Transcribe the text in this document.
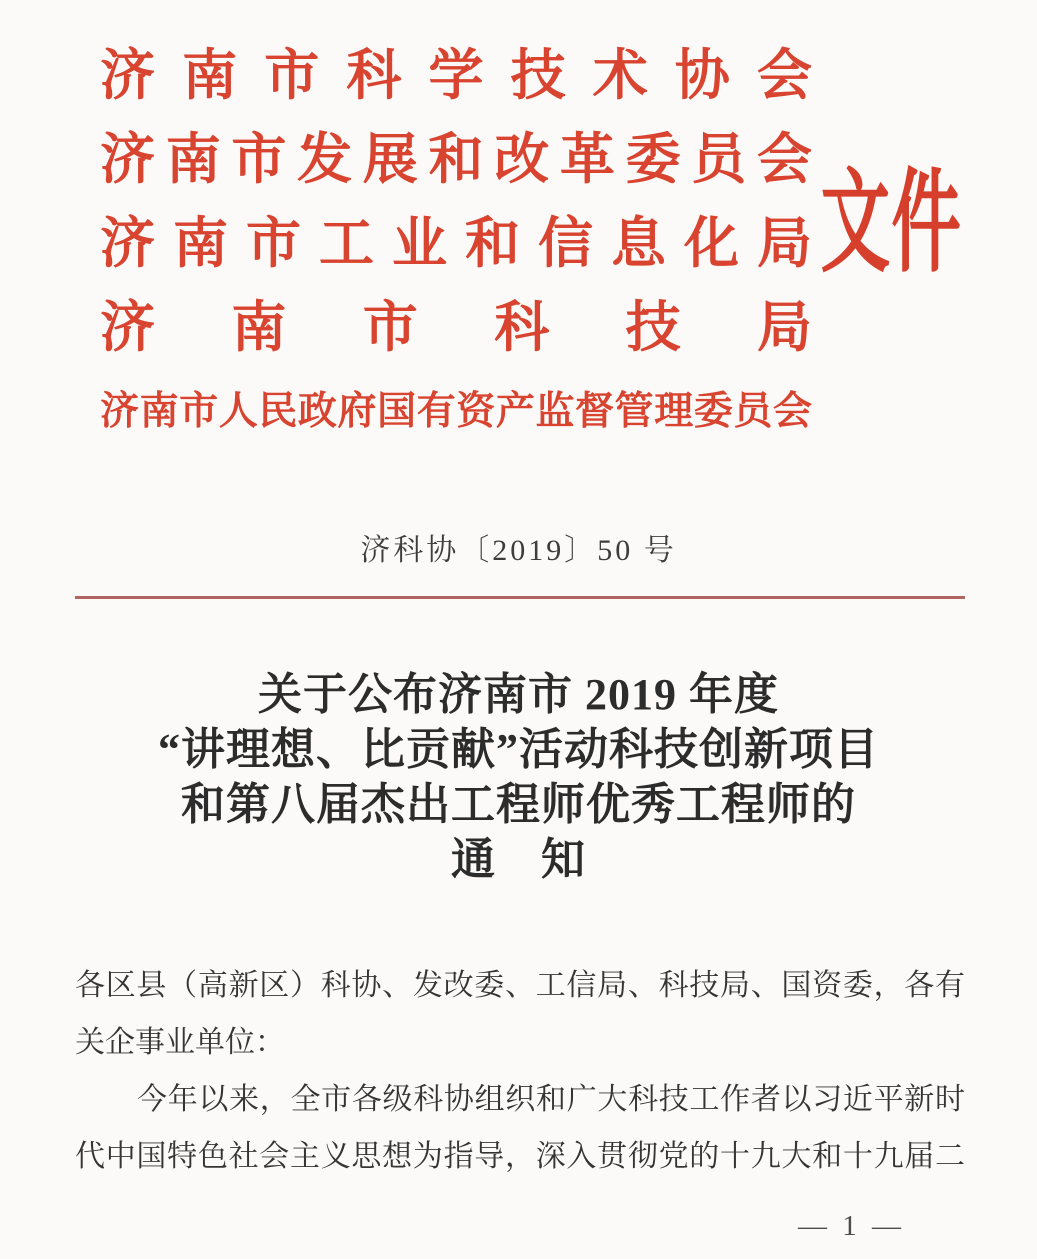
济南市科学技术协会
济南市发展和改革委员会
济南市工业和信息化局
济南市科技局
济南市人民政府国有资产监督管理委员会
文件
济科协〔2019〕50 号
关于公布济南市 2019 年度
“讲理想、比贡献”活动科技创新项目
和第八届杰出工程师优秀工程师的
通　知
各区县（高新区）科协、发改委、工信局、科技局、国资委，各有
关企事业单位：
今年以来，全市各级科协组织和广大科技工作者以习近平新时
代中国特色社会主义思想为指导，深入贯彻党的十九大和十九届二
— 1 —
